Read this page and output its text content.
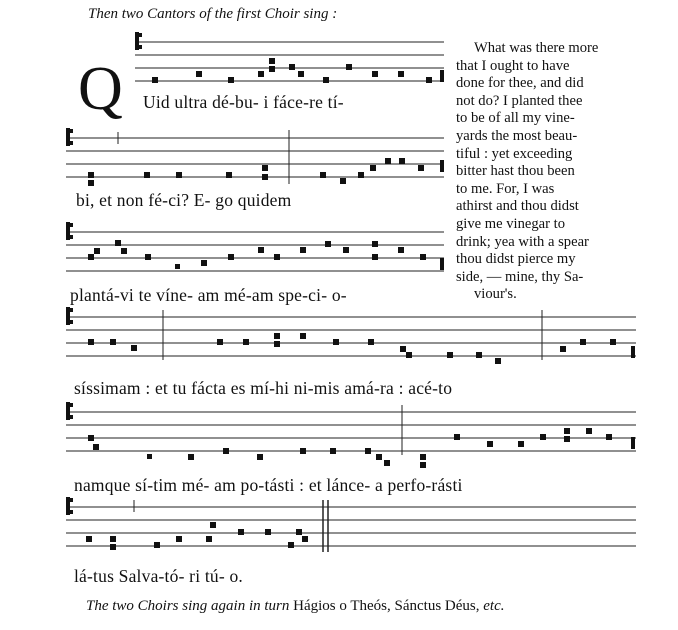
Then two Cantors of the first Choir sing :
Q Uid ultra dé-bu- i fáce-re tí-
bi, et non fé-ci? E- go quidem
plantá-vi te víne- am mé-am spe-ci- o-
síssimam : et tu fácta es mí-hi ni-mis amá-ra : acé-to
namque sí-tim mé- am po-tásti : et lánce- a perfo-rásti
lá-tus Salva-tó- ri tú- o.
What was there more
that I ought to have
done for thee, and did
not do? I planted thee
to be of all my vine-
yards the most beau-
tiful : yet exceeding
bitter hast thou been
to me. For, I was
athirst and thou didst
give me vinegar to
drink; yea with a spear
thou didst pierce my
side, — mine, thy Sa-
viour's.
The two Choirs sing again in turn Hágios o Theós, Sánctus Déus, etc.
